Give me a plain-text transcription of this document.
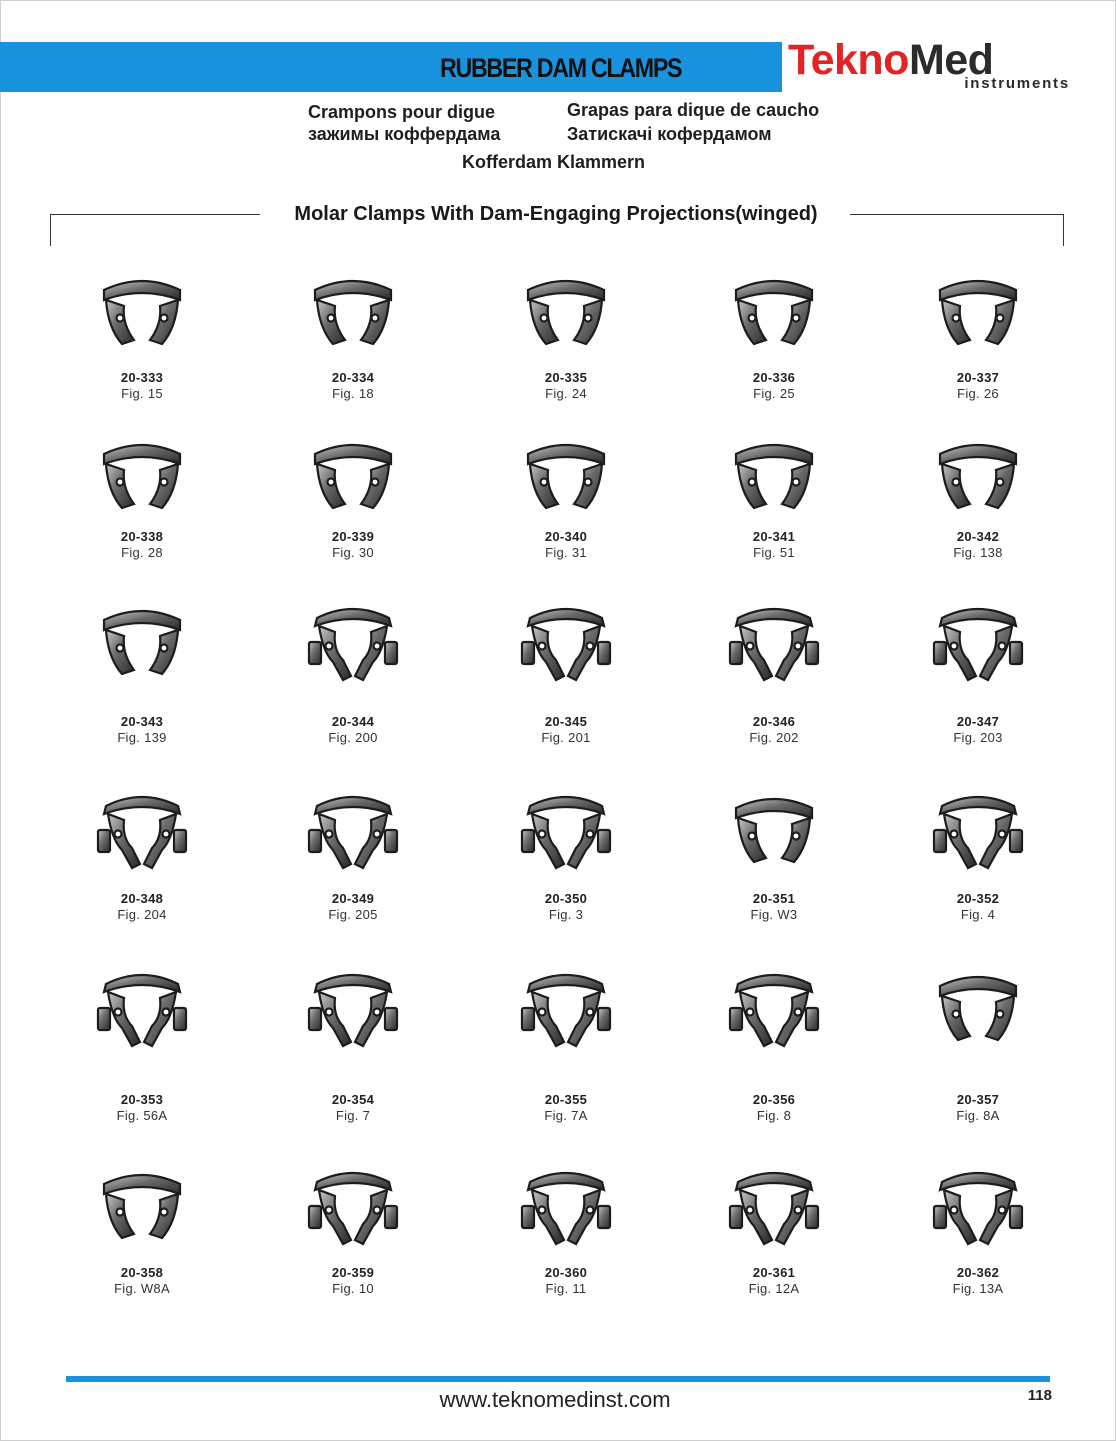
RUBBER DAM CLAMPS TeknoMed
instruments
Crampons pour digue
зажимы коффердама
Grapas para dique de caucho
Затискачі кофердамом
Kofferdam Klammern
Molar Clamps With Dam-Engaging Projections(winged)
20-333
Fig. 15
20-334
Fig. 18
20-335
Fig. 24
20-336
Fig. 25
20-337
Fig. 26
20-338
Fig. 28
20-339
Fig. 30
20-340
Fig. 31
20-341
Fig. 51
20-342
Fig. 138
20-343
Fig. 139
20-344
Fig. 200
20-345
Fig. 201
20-346
Fig. 202
20-347
Fig. 203
20-348
Fig. 204
20-349
Fig. 205
20-350
Fig. 3
20-351
Fig. W3
20-352
Fig. 4
20-353
Fig. 56A
20-354
Fig. 7
20-355
Fig. 7A
20-356
Fig. 8
20-357
Fig. 8A
20-358
Fig. W8A
20-359
Fig. 10
20-360
Fig. 11
20-361
Fig. 12A
20-362
Fig. 13A
www.teknomedinst.com	118
